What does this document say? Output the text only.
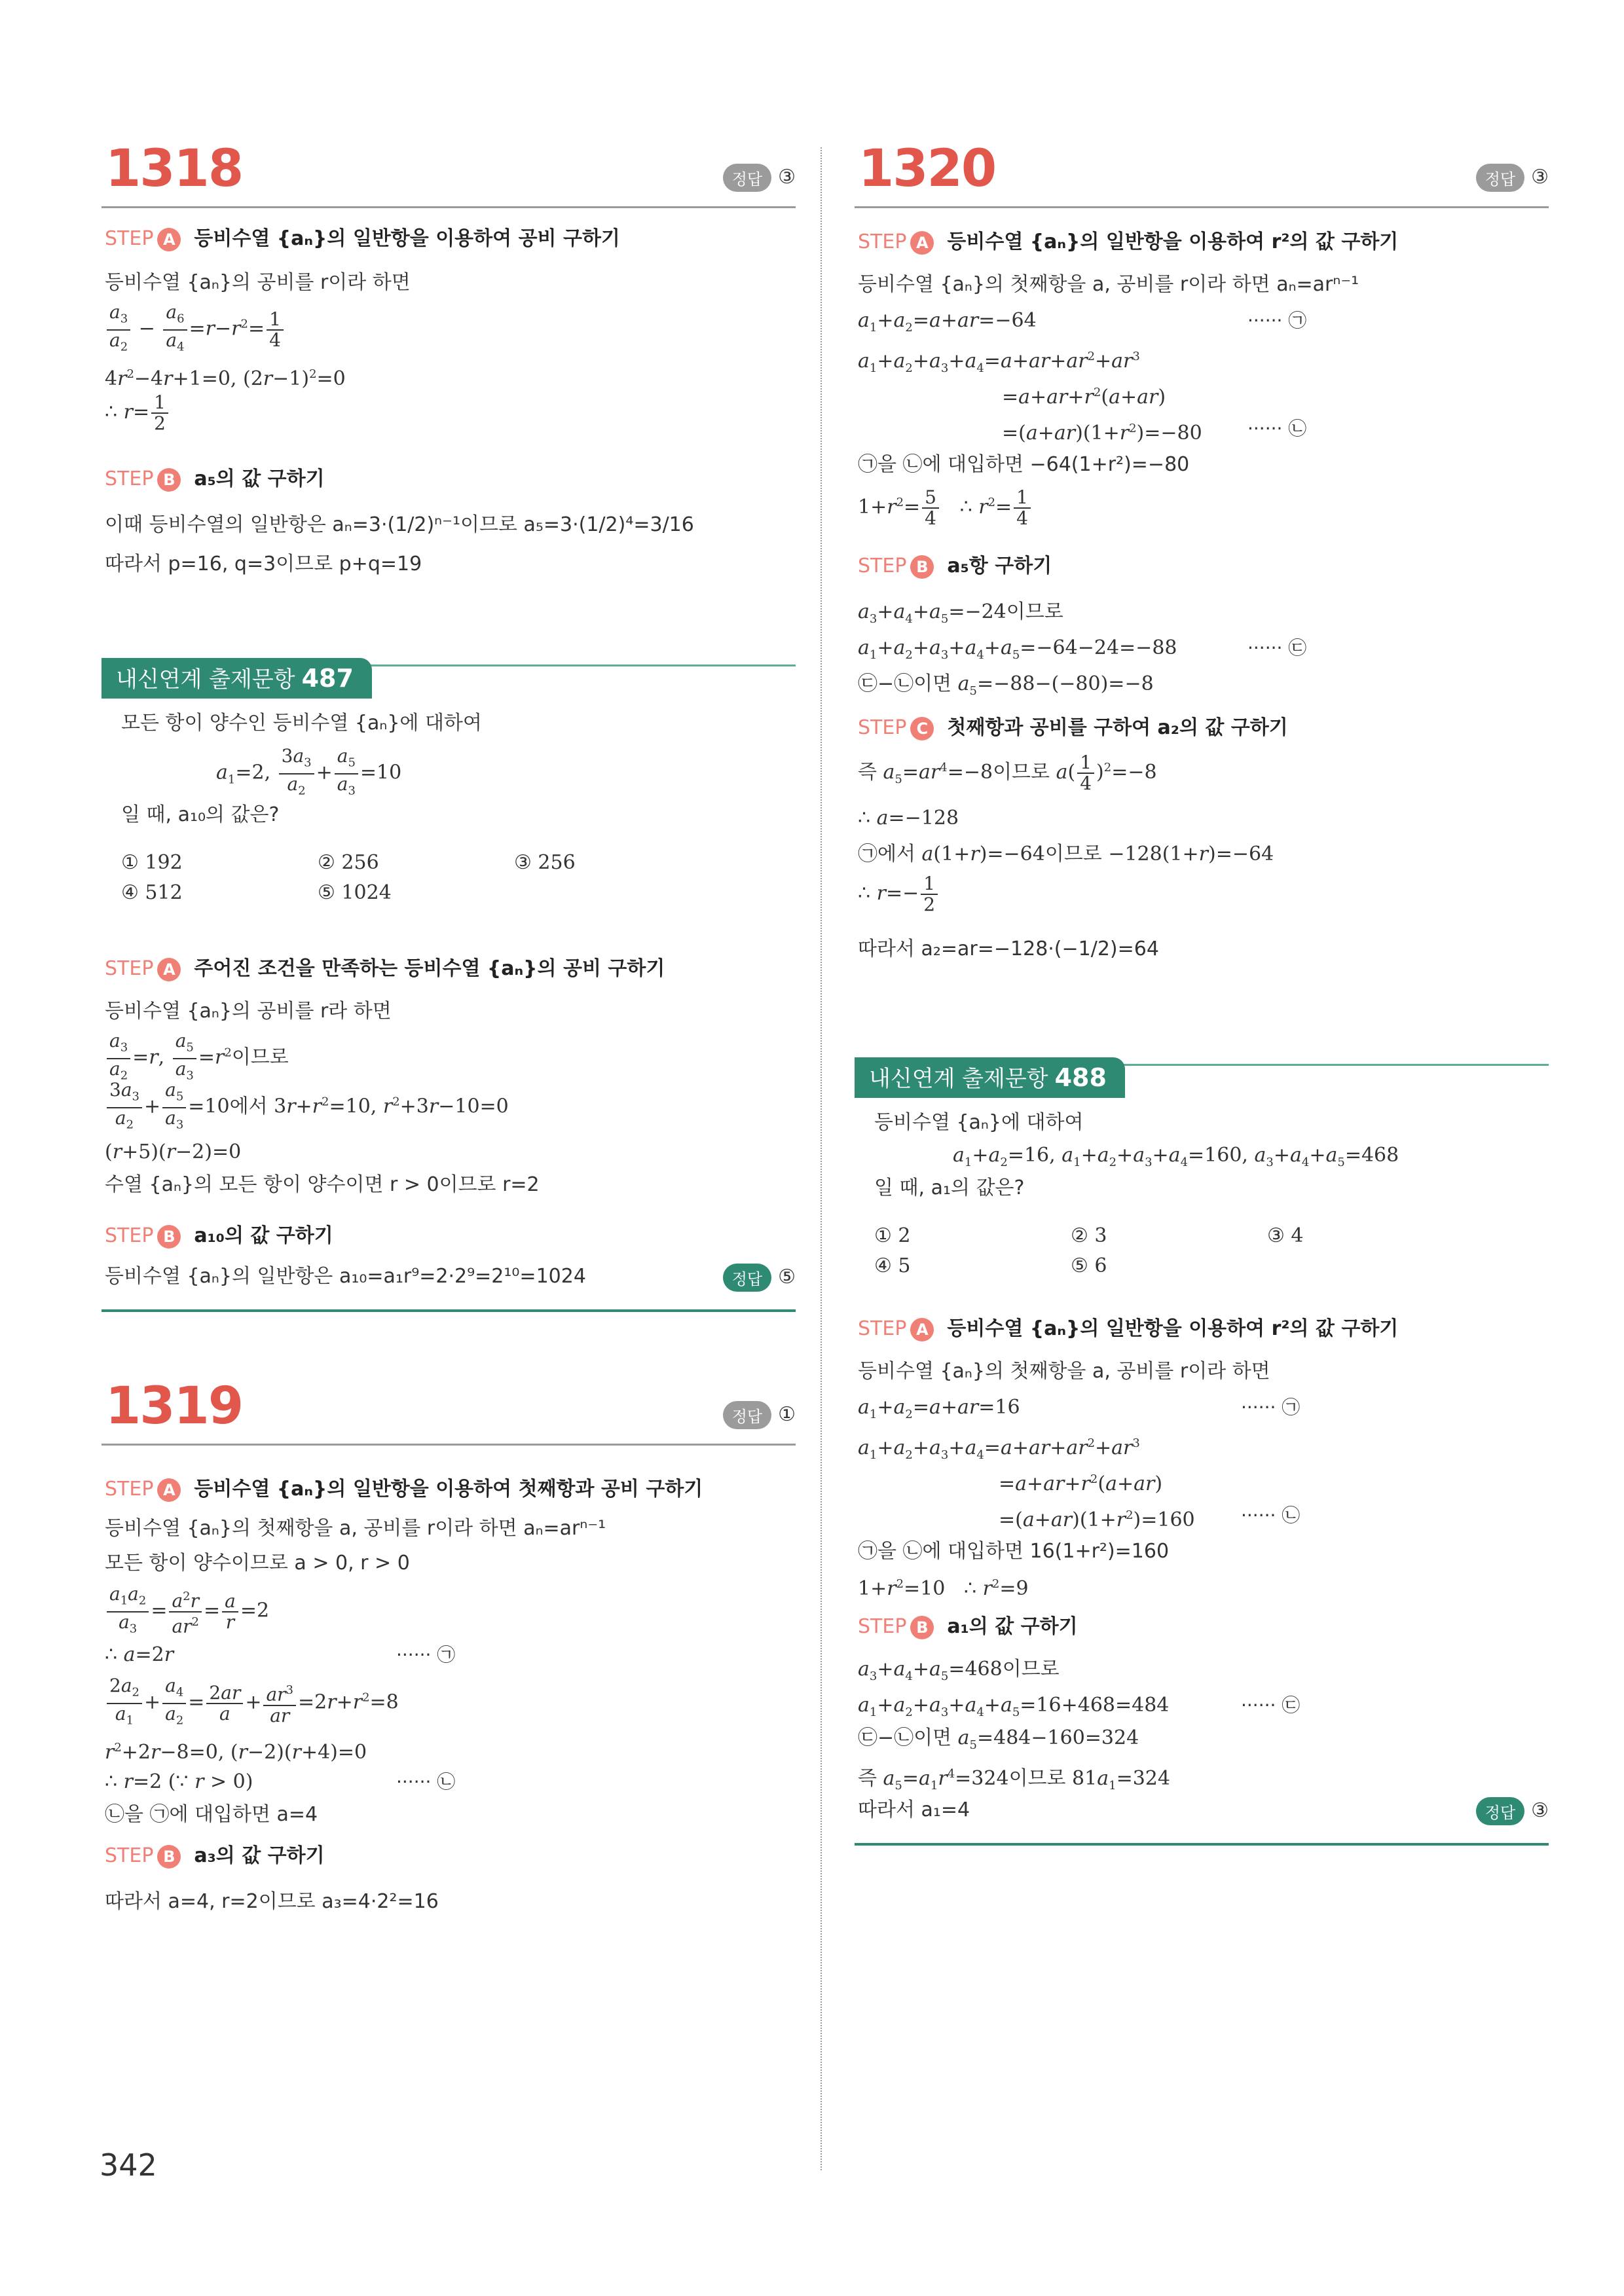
1318	정답 ③
STEP A 등비수열 {aₙ}의 일반항을 이용하여 공비 구하기
등비수열 {aₙ}의 공비를 r이라 하면
$\frac{a_3}{a_2} - \frac{a_6}{a_4} =r-r^2= \frac{1}{4}$
$4r^2-4r+1=0$, $(2r-1)^2=0$
∴ $r= \frac{1}{2}$
STEP B a₅의 값 구하기
이때 등비수열의 일반항은 aₙ=3·(1/2)ⁿ⁻¹이므로 a₅=3·(1/2)⁴=3/16
따라서 p=16, q=3이므로 p+q=19
내신연계 출제문항 487
모든 항이 양수인 등비수열 {aₙ}에 대하여
$a_1=2$, $\frac{3a_3}{a_2} + \frac{a_5}{a_3} =10$
일 때, a₁₀의 값은?
① 192	② 256	③ 256
④ 512	⑤ 1024
STEP A 주어진 조건을 만족하는 등비수열 {aₙ}의 공비 구하기
등비수열 {aₙ}의 공비를 r라 하면
$\frac{a_3}{a_2} =r$, $\frac{a_5}{a_3} =r^2$이므로
$\frac{3a_3}{a_2} + \frac{a_5}{a_3} =10$에서 $3r+r^2=10$, $r^2+3r-10=0$
(r+5)(r−2)=0
수열 {aₙ}의 모든 항이 양수이면 r > 0이므로 r=2
STEP B a₁₀의 값 구하기
등비수열 {aₙ}의 일반항은 a₁₀=a₁r⁹=2·2⁹=2¹⁰=1024	정답 ⑤
1319	정답 ①
STEP A 등비수열 {aₙ}의 일반항을 이용하여 첫째항과 공비 구하기
등비수열 {aₙ}의 첫째항을 a, 공비를 r이라 하면 aₙ=arⁿ⁻¹
모든 항이 양수이므로 a > 0, r > 0
$\frac{a_1a_2}{a_3} = \frac{a^2r}{ar^2} = \frac{a}{r} =2$
∴ a=2r	······ ㉠
$\frac{2a_2}{a_1} + \frac{a_4}{a_2} = \frac{2ar}{a} + \frac{ar^3}{ar} =2r+r^2=8$
$r^2+2r-8=0$, (r−2)(r+4)=0
∴ r=2 (∵ r > 0)	······ ㉡
㉡을 ㉠에 대입하면 a=4
STEP B a₃의 값 구하기
따라서 a=4, r=2이므로 a₃=4·2²=16
1320	정답 ③
STEP A 등비수열 {aₙ}의 일반항을 이용하여 r²의 값 구하기
등비수열 {aₙ}의 첫째항을 a, 공비를 r이라 하면 aₙ=arⁿ⁻¹
$a_1+a_2=a+ar=-64$	······ ㉠
$a_1+a_2+a_3+a_4=a+ar+ar^2+ar^3$
$=a+ar+r^2(a+ar)$
$=(a+ar)(1+r^2)=-80$ ······ ㉡
㉠을 ㉡에 대입하면 −64(1+r²)=−80
$1+r^2= \frac{5}{4}$ ∴ $r^2= \frac{1}{4}$
STEP B a₅항 구하기
$a_3+a_4+a_5=-24$이므로
$a_1+a_2+a_3+a_4+a_5=-64-24=-88$	······ ㉢
㉢−㉡이면 $a_5=-88-(-80)=-8$
STEP C 첫째항과 공비를 구하여 a₂의 값 구하기
즉 $a_5=ar^4=-8$이므로 $a( \frac{1}{4} )^2=-8$
∴ a=−128
㉠에서 a(1+r)=−64이므로 −128(1+r)=−64
∴ $r=- \frac{1}{2}$
따라서 a₂=ar=−128·(−1/2)=64
내신연계 출제문항 488
등비수열 {aₙ}에 대하여
$a_1+a_2=16$, $a_1+a_2+a_3+a_4=160$, $a_3+a_4+a_5=468$
일 때, a₁의 값은?
① 2	② 3	③ 4
④ 5	⑤ 6
STEP A 등비수열 {aₙ}의 일반항을 이용하여 r²의 값 구하기
등비수열 {aₙ}의 첫째항을 a, 공비를 r이라 하면
$a_1+a_2=a+ar=16$	······ ㉠
$a_1+a_2+a_3+a_4=a+ar+ar^2+ar^3$
$=a+ar+r^2(a+ar)$
$=(a+ar)(1+r^2)=160$	······ ㉡
㉠을 ㉡에 대입하면 16(1+r²)=160
$1+r^2=10$   ∴ $r^2=9$
STEP B a₁의 값 구하기
$a_3+a_4+a_5=468$이므로
$a_1+a_2+a_3+a_4+a_5=16+468=484$	······ ㉢
㉢−㉡이면 $a_5=484-160=324$
즉 $a_5=a_1r^4=324$이므로 $81a_1=324$
따라서 a₁=4	정답 ③
342
